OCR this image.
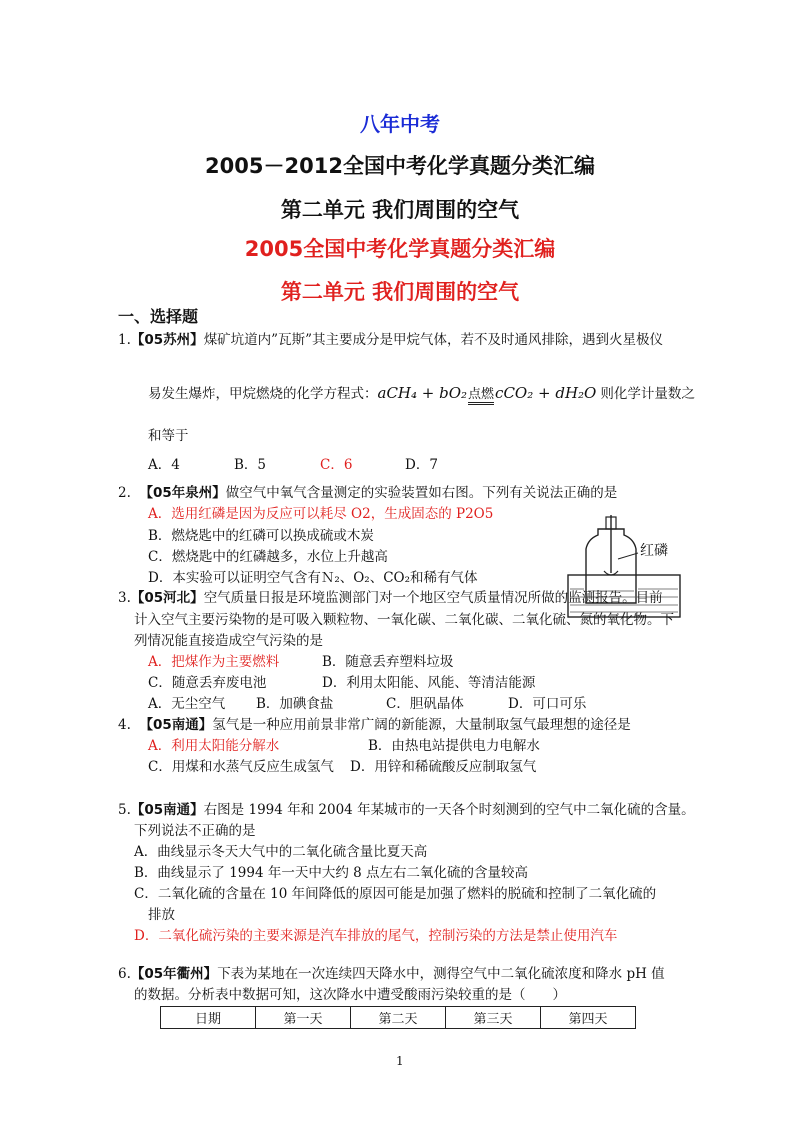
八年中考
2005－2012全国中考化学真题分类汇编
第二单元 我们周围的空气
2005全国中考化学真题分类汇编
第二单元 我们周围的空气
一、选择题
1.【05苏州】煤矿坑道内”瓦斯”其主要成分是甲烷气体，若不及时通风排除，遇到火星极仪
易发生爆炸，甲烷燃烧的化学方程式：aCH₄ + bO₂点燃cCO₂ + dH₂O 则化学计量数之
和等于
A．4	B．5	C．6	D．7
2. 【05年泉州】做空气中氧气含量测定的实验装置如右图。下列有关说法正确的是
A．选用红磷是因为反应可以耗尽 O2，生成固态的 P2O5
B．燃烧匙中的红磷可以换成硫或木炭
C．燃烧匙中的红磷越多，水位上升越高
D．本实验可以证明空气含有Ｎ₂、O₂、CO₂和稀有气体
红磷
3.【05河北】空气质量日报是环境监测部门对一个地区空气质量情况所做的监测报告。目前
计入空气主要污染物的是可吸入颗粒物、一氧化碳、二氧化碳、二氧化硫、氮的氧化物。下
列情况能直接造成空气污染的是
A．把煤作为主要燃料	B．随意丢弃塑料垃圾
C．随意丢弃废电池	D．利用太阳能、风能、等清洁能源
A．无尘空气 B．加碘食盐	C．胆矾晶体	D．可口可乐
4. 【05南通】氢气是一种应用前景非常广阔的新能源，大量制取氢气最理想的途径是
A．利用太阳能分解水	B．由热电站提供电力电解水
C．用煤和水蒸气反应生成氢气 D．用锌和稀硫酸反应制取氢气
5.【05南通】右图是 1994 年和 2004 年某城市的一天各个时刻测到的空气中二氧化硫的含量。
下列说法不正确的是
A．曲线显示冬天大气中的二氧化硫含量比夏天高
B．曲线显示了 1994 年一天中大约 8 点左右二氧化硫的含量较高
C．二氧化硫的含量在 10 年间降低的原因可能是加强了燃料的脱硫和控制了二氧化硫的
排放
D．二氧化硫污染的主要来源是汽车排放的尾气，控制污染的方法是禁止使用汽车
6.【05年衢州】下表为某地在一次连续四天降水中，测得空气中二氧化硫浓度和降水 pH 值
的数据。分析表中数据可知，这次降水中遭受酸雨污染较重的是（　　）
日期	第一天	第二天	第三天	第四天
1
